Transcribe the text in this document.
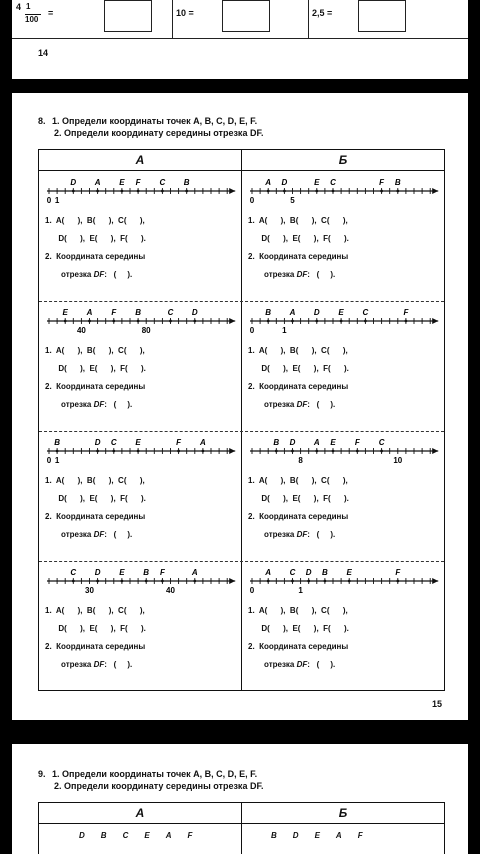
4 1
100
=	10 =	2,5 =
14
8. 1. Определи координаты точек A, B, C, D, E, F.
2. Определи координату середины отрезка DF.
А	Б
D A E F C B
0 1
1.  A(      ),  B(      ),  C(      ),
D(      ),  E(      ),  F(      ).
2.  Координата середины
отрезка DF:   (     ).
A D	E C	F B
0	5
1.  A(      ),  B(      ),  C(      ),
D(      ),  E(      ),  F(      ).
2.  Координата середины
отрезка DF:   (     ).
E A F B	C D
40	80
1.  A(      ),  B(      ),  C(      ),
D(      ),  E(      ),  F(      ).
2.  Координата середины
отрезка DF:   (     ).
B A D E C	F
0	1
1.  A(      ),  B(      ),  C(      ),
D(      ),  E(      ),  F(      ).
2.  Координата середины
отрезка DF:   (     ).
B	D C E	F A
0 1
1.  A(      ),  B(      ),  C(      ),
D(      ),  E(      ),  F(      ).
2.  Координата середины
отрезка DF:   (     ).
B D A E F C
8	10
1.  A(      ),  B(      ),  C(      ),
D(      ),  E(      ),  F(      ).
2.  Координата середины
отрезка DF:   (     ).
C D E B F	A
30	40
1.  A(      ),  B(      ),  C(      ),
D(      ),  E(      ),  F(      ).
2.  Координата середины
отрезка DF:   (     ).
A C D B E	F
0	1
1.  A(      ),  B(      ),  C(      ),
D(      ),  E(      ),  F(      ).
2.  Координата середины
отрезка DF:   (     ).
15
9. 1. Определи координаты точек A, B, C, D, E, F.
2. Определи координату середины отрезка DF.
А	Б
D B C E A F	B D E A F
